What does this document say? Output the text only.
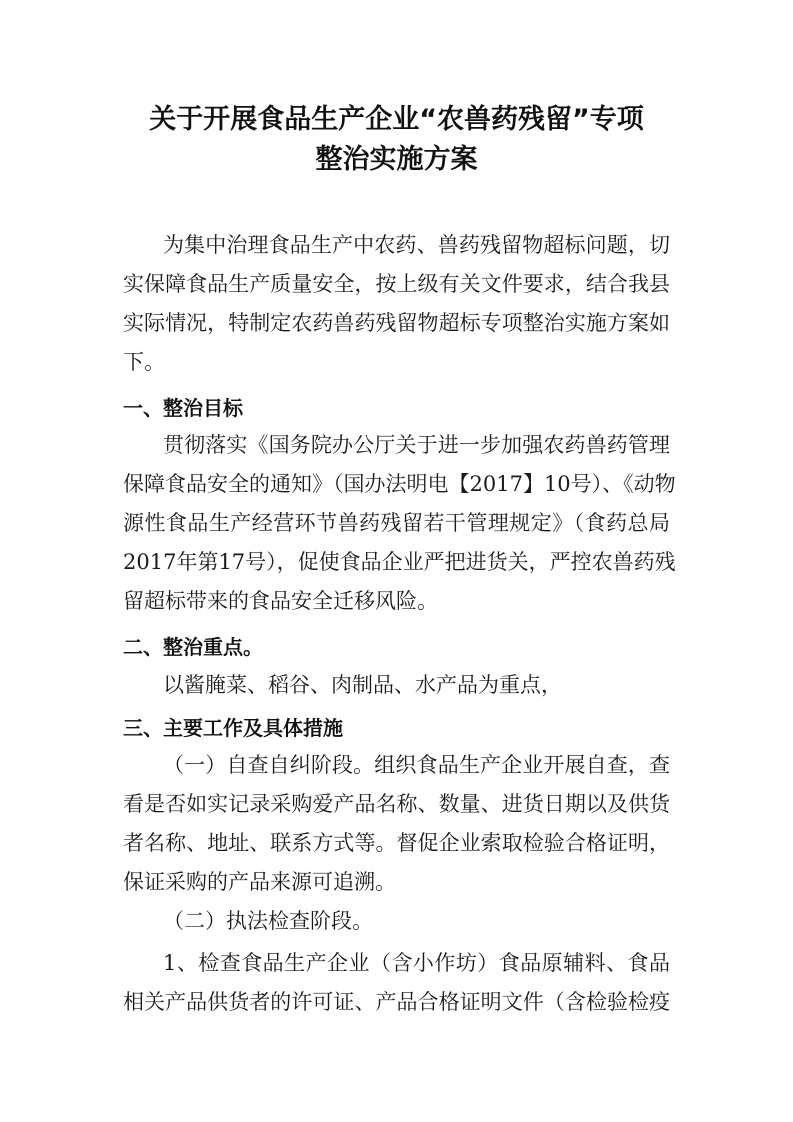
关于开展食品生产企业“农兽药残留”专项
整治实施方案
为集中治理食品生产中农药、兽药残留物超标问题，切
实保障食品生产质量安全，按上级有关文件要求，结合我县
实际情况，特制定农药兽药残留物超标专项整治实施方案如
下。
一、整治目标
贯彻落实《国务院办公厅关于进一步加强农药兽药管理
保障食品安全的通知》（国办法明电【2017】10号）、《动物
源性食品生产经营环节兽药残留若干管理规定》（食药总局
2017年第17号），促使食品企业严把进货关，严控农兽药残
留超标带来的食品安全迁移风险。
二、整治重点。
以酱腌菜、稻谷、肉制品、水产品为重点，
三、主要工作及具体措施
（一）自查自纠阶段。组织食品生产企业开展自查，查
看是否如实记录采购爱产品名称、数量、进货日期以及供货
者名称、地址、联系方式等。督促企业索取检验合格证明，
保证采购的产品来源可追溯。
（二）执法检查阶段。
1、检查食品生产企业（含小作坊）食品原辅料、食品
相关产品供货者的许可证、产品合格证明文件（含检验检疫
